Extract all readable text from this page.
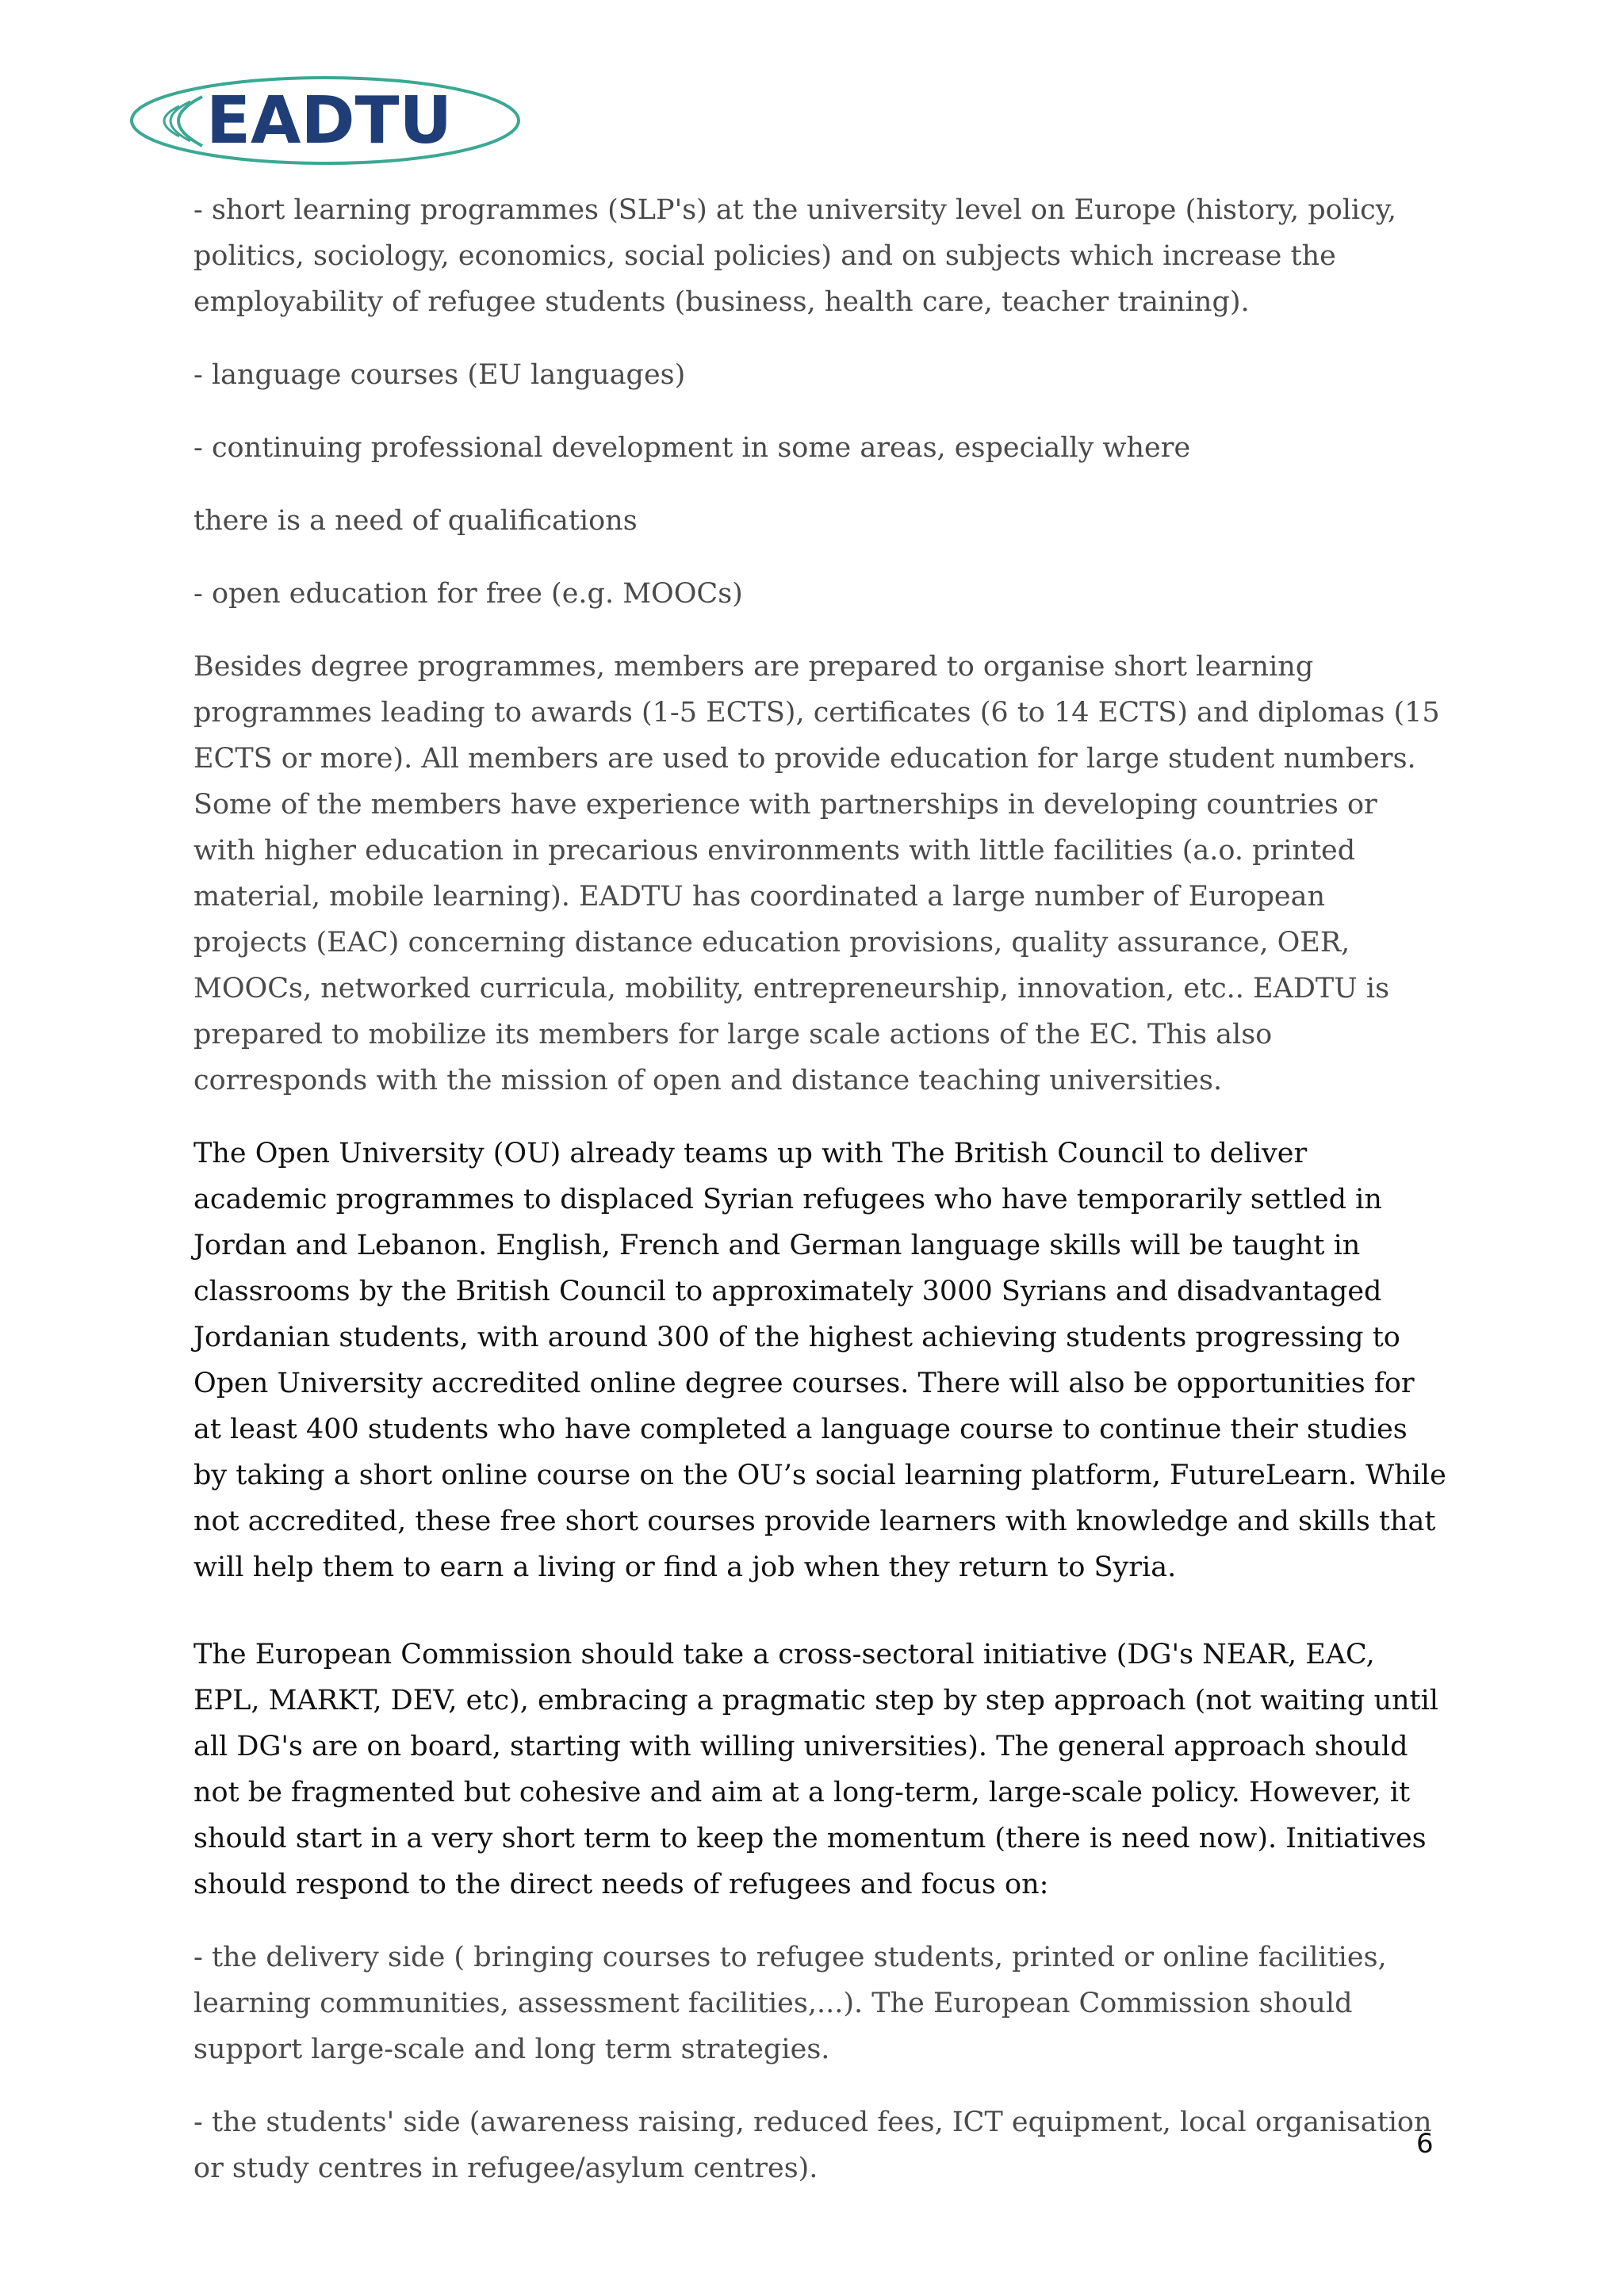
EADTU

- short learning programmes (SLP's) at the university level on Europe (history, policy, politics, sociology, economics, social policies) and on subjects which increase the employability of refugee students (business, health care, teacher training).

- language courses (EU languages)

- continuing professional development in some areas, especially where

there is a need of qualifications

- open education for free (e.g. MOOCs)

Besides degree programmes, members are prepared to organise short learning programmes leading to awards (1-5 ECTS), certificates (6 to 14 ECTS) and diplomas (15 ECTS or more). All members are used to provide education for large student numbers. Some of the members have experience with partnerships in developing countries or with higher education in precarious environments with little facilities (a.o. printed material, mobile learning). EADTU has coordinated a large number of European projects (EAC) concerning distance education provisions, quality assurance, OER, MOOCs, networked curricula, mobility, entrepreneurship, innovation, etc.. EADTU is prepared to mobilize its members for large scale actions of the EC. This also corresponds with the mission of open and distance teaching universities.

The Open University (OU) already teams up with The British Council to deliver academic programmes to displaced Syrian refugees who have temporarily settled in Jordan and Lebanon. English, French and German language skills will be taught in classrooms by the British Council to approximately 3000 Syrians and disadvantaged Jordanian students, with around 300 of the highest achieving students progressing to Open University accredited online degree courses. There will also be opportunities for at least 400 students who have completed a language course to continue their studies by taking a short online course on the OU’s social learning platform, FutureLearn. While not accredited, these free short courses provide learners with knowledge and skills that will help them to earn a living or find a job when they return to Syria.

The European Commission should take a cross-sectoral initiative (DG's NEAR, EAC, EPL, MARKT, DEV, etc), embracing a pragmatic step by step approach (not waiting until all DG's are on board, starting with willing universities). The general approach should not be fragmented but cohesive and aim at a long-term, large-scale policy. However, it should start in a very short term to keep the momentum (there is need now). Initiatives should respond to the direct needs of refugees and focus on:

- the delivery side ( bringing courses to refugee students, printed or online facilities, learning communities, assessment facilities,...). The European Commission should support large-scale and long term strategies.

- the students' side (awareness raising, reduced fees, ICT equipment, local organisation or study centres in refugee/asylum centres).

6
